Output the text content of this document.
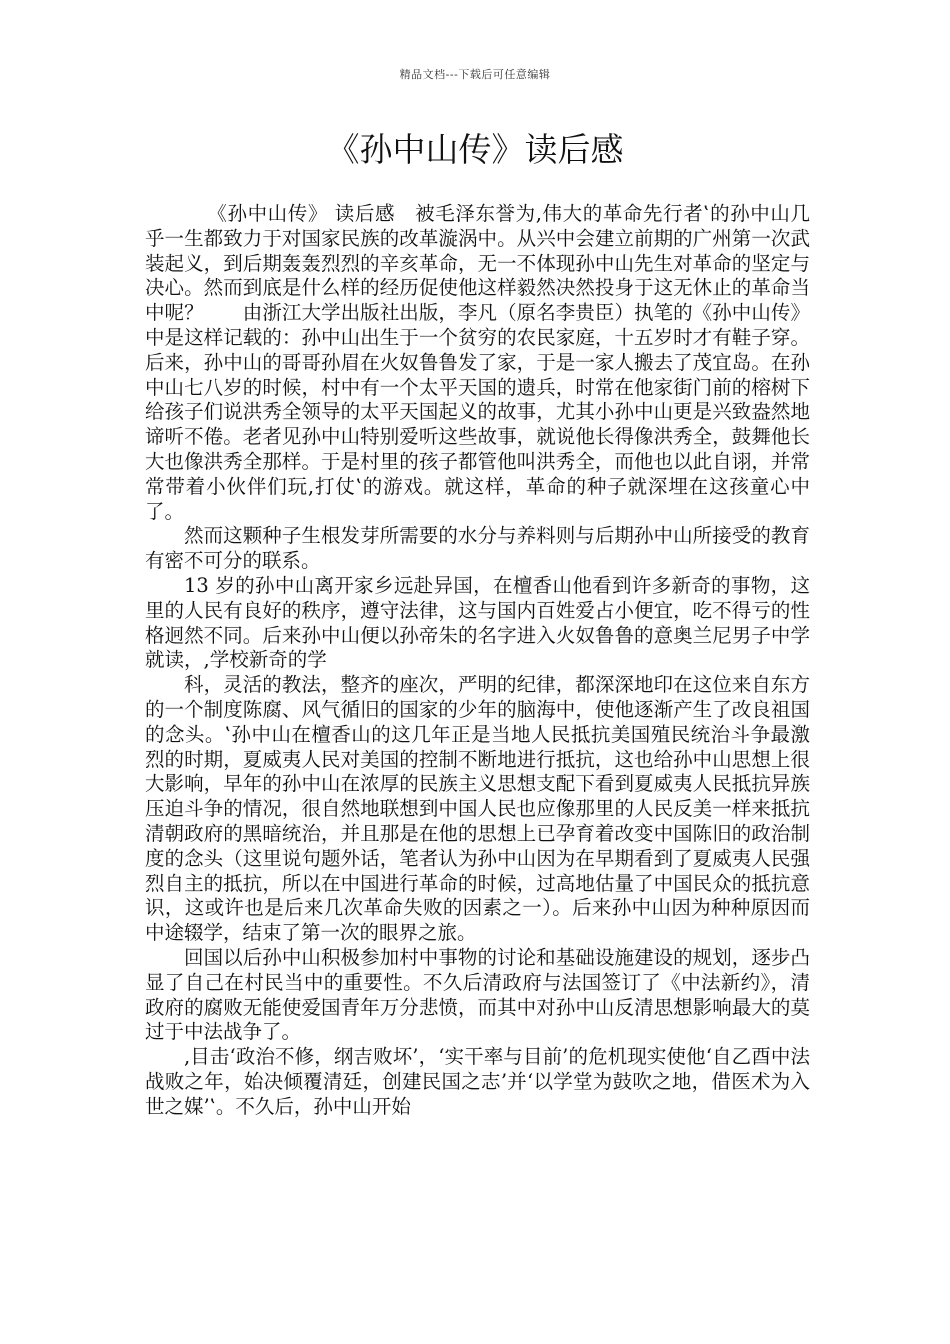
精品文档---下载后可任意编辑
《孙中山传》读后感

《孙中山传》 读后感　被毛泽东誉为,伟大的革命先行者‛的孙中山几乎一生都致力于对国家民族的改革漩涡中。从兴中会建立前期的广州第一次武装起义，到后期轰轰烈烈的辛亥革命，无一不体现孙中山先生对革命的坚定与决心。然而到底是什么样的经历促使他这样毅然决然投身于这无休止的革命当中呢？　　由浙江大学出版社出版，李凡（原名李贵臣）执笔的《孙中山传》中是这样记载的：孙中山出生于一个贫穷的农民家庭，十五岁时才有鞋子穿。后来，孙中山的哥哥孙眉在火奴鲁鲁发了家，于是一家人搬去了茂宜岛。在孙中山七八岁的时候，村中有一个太平天国的遗兵，时常在他家街门前的榕树下给孩子们说洪秀全领导的太平天国起义的故事，尤其小孙中山更是兴致盎然地谛听不倦。老者见孙中山特别爱听这些故事，就说他长得像洪秀全，鼓舞他长大也像洪秀全那样。于是村里的孩子都管他叫洪秀全，而他也以此自诩，并常常带着小伙伴们玩,打仗‛的游戏。就这样，革命的种子就深埋在这孩童心中了。

然而这颗种子生根发芽所需要的水分与养料则与后期孙中山所接受的教育有密不可分的联系。

13 岁的孙中山离开家乡远赴异国，在檀香山他看到许多新奇的事物，这里的人民有良好的秩序，遵守法律，这与国内百姓爱占小便宜，吃不得亏的性格迥然不同。后来孙中山便以孙帝朱的名字进入火奴鲁鲁的意奥兰尼男子中学就读，,学校新奇的学

科，灵活的教法，整齐的座次，严明的纪律，都深深地印在这位来自东方的一个制度陈腐、风气循旧的国家的少年的脑海中，使他逐渐产生了改良祖国的念头。‛孙中山在檀香山的这几年正是当地人民抵抗美国殖民统治斗争最激烈的时期，夏威夷人民对美国的控制不断地进行抵抗，这也给孙中山思想上很大影响，早年的孙中山在浓厚的民族主义思想支配下看到夏威夷人民抵抗异族压迫斗争的情况，很自然地联想到中国人民也应像那里的人民反美一样来抵抗清朝政府的黑暗统治，并且那是在他的思想上已孕育着改变中国陈旧的政治制度的念头（这里说句题外话，笔者认为孙中山因为在早期看到了夏威夷人民强烈自主的抵抗，所以在中国进行革命的时候，过高地估量了中国民众的抵抗意识，这或许也是后来几次革命失败的因素之一）。后来孙中山因为种种原因而中途辍学，结束了第一次的眼界之旅。

回国以后孙中山积极参加村中事物的讨论和基础设施建设的规划，逐步凸显了自己在村民当中的重要性。不久后清政府与法国签订了《中法新约》，清政府的腐败无能使爱国青年万分悲愤，而其中对孙中山反清思想影响最大的莫过于中法战争了。

,目击‘政治不修，纲吉败坏’，‘实干率与目前’的危机现实使他‘自乙酉中法战败之年，始决倾覆清廷，创建民国之志’并‘以学堂为鼓吹之地，借医术为入世之媒’‛。不久后，孙中山开始
